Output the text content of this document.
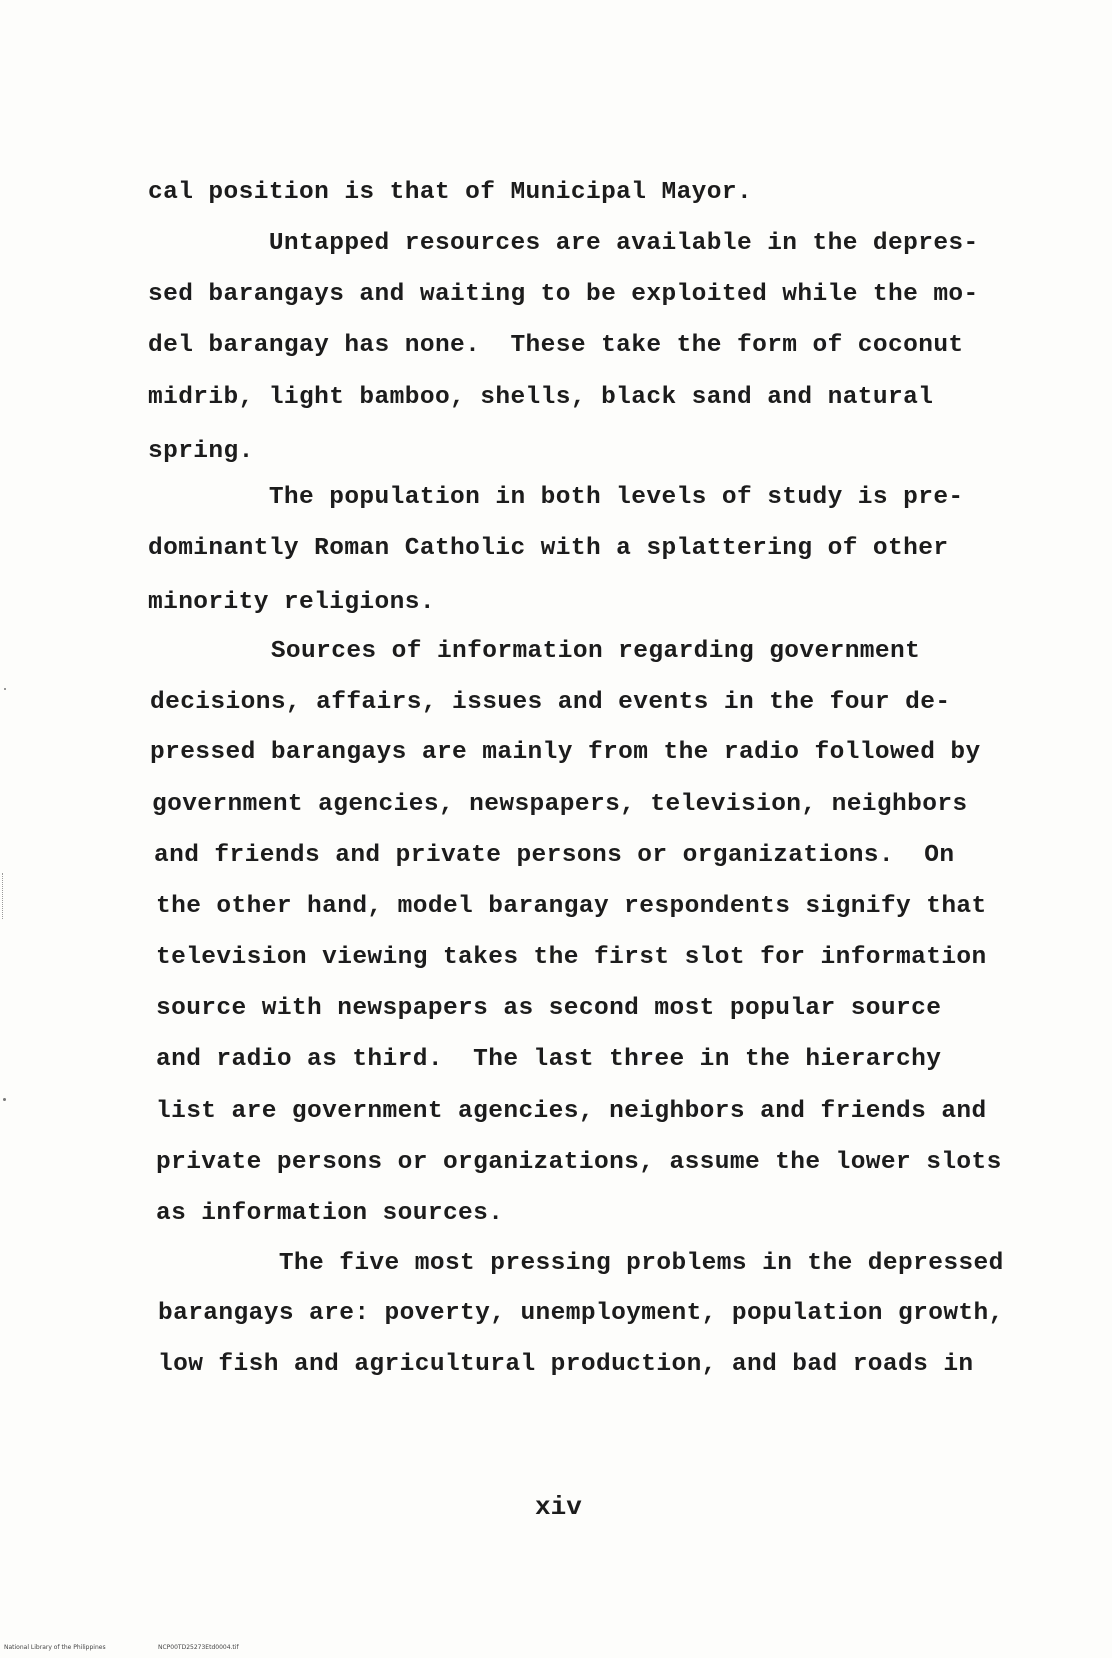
cal position is that of Municipal Mayor.
Untapped resources are available in the depres-
sed barangays and waiting to be exploited while the mo-
del barangay has none.  These take the form of coconut
midrib, light bamboo, shells, black sand and natural
spring.
The population in both levels of study is pre-
dominantly Roman Catholic with a splattering of other
minority religions.
Sources of information regarding government
decisions, affairs, issues and events in the four de-
pressed barangays are mainly from the radio followed by
government agencies, newspapers, television, neighbors
and friends and private persons or organizations.  On
the other hand, model barangay respondents signify that
television viewing takes the first slot for information
source with newspapers as second most popular source
and radio as third.  The last three in the hierarchy
list are government agencies, neighbors and friends and
private persons or organizations, assume the lower slots
as information sources.
The five most pressing problems in the depressed
barangays are: poverty, unemployment, population growth,
low fish and agricultural production, and bad roads in
xiv
National Library of the Philippines	NCP00TD25273Etd0004.tif
